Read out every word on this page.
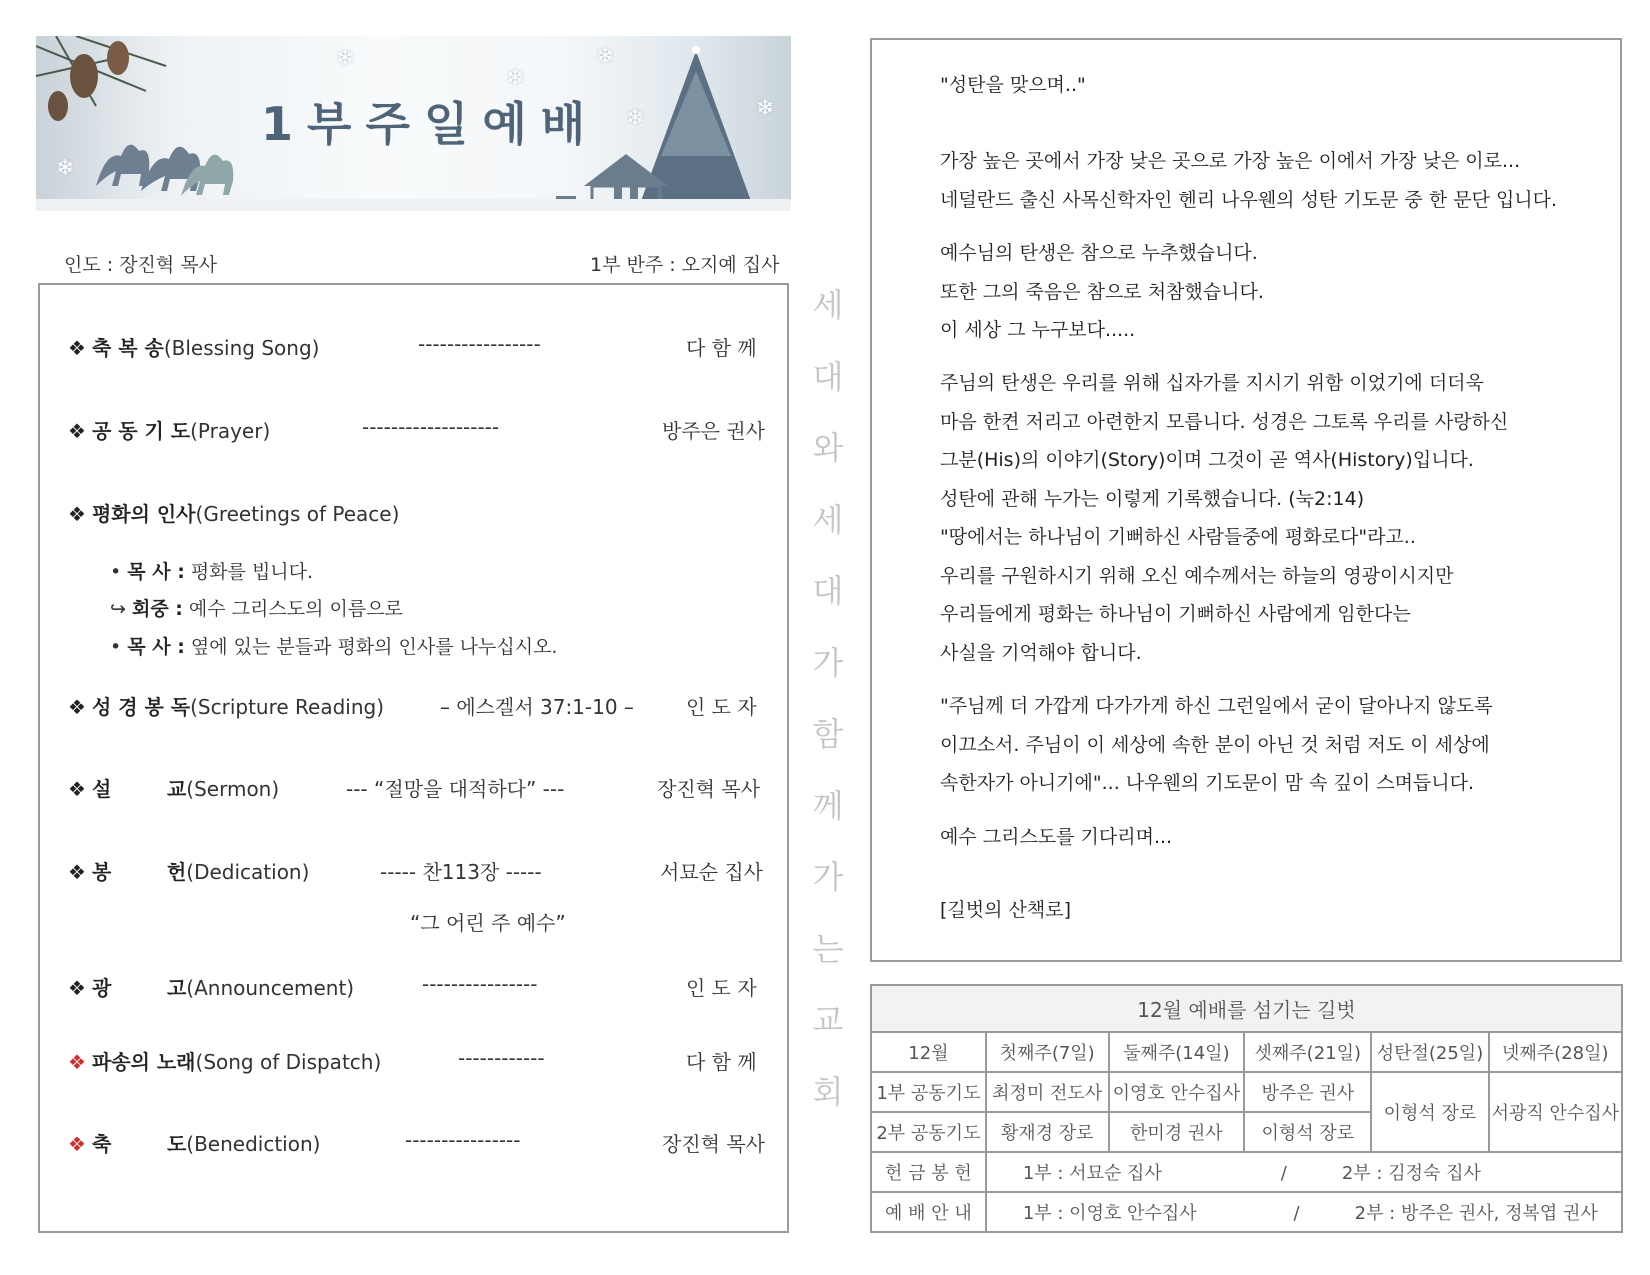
❄
❄
❄
❄
❄
❄
1부주일예배
인도 : 장진혁 목사	1부 반주 : 오지예 집사
❖ 축 복 송(Blessing Song)	-----------------	다 함 께
❖ 공 동 기 도(Prayer)	-------------------	방주은 권사
❖ 평화의 인사(Greetings of Peace)
• 목 사 : 평화를 빕니다.
↪ 회중 : 예수 그리스도의 이름으로
• 목 사 : 옆에 있는 분들과 평화의 인사를 나누십시오.
❖ 성 경 봉 독(Scripture Reading)	– 에스겔서 37:1-10 –	인 도 자
❖ 설        교(Sermon)	--- “절망을 대적하다” ---	장진혁 목사
❖ 봉        헌(Dedication)	----- 찬113장 -----	서묘순 집사
“그 어린 주 예수”
❖ 광        고(Announcement)	----------------	인 도 자
❖ 파송의 노래(Song of Dispatch)	------------	다 함 께
❖ 축        도(Benediction)	----------------	장진혁 목사
세
대
와
세
대
가
함
께
가
는
교
회
"성탄을 맞으며.."
가장 높은 곳에서 가장 낮은 곳으로 가장 높은 이에서 가장 낮은 이로...
네덜란드 출신 사목신학자인 헨리 나우웬의 성탄 기도문 중 한 문단 입니다.
예수님의 탄생은 참으로 누추했습니다.
또한 그의 죽음은 참으로 처참했습니다.
이 세상 그 누구보다.....
주님의 탄생은 우리를 위해 십자가를 지시기 위함 이었기에 더더욱
마음 한켠 저리고 아련한지 모릅니다. 성경은 그토록 우리를 사랑하신
그분(His)의 이야기(Story)이며 그것이 곧 역사(History)입니다.
성탄에 관해 누가는 이렇게 기록했습니다. (눅2:14)
"땅에서는 하나님이 기뻐하신 사람들중에 평화로다"라고..
우리를 구원하시기 위해 오신 예수께서는 하늘의 영광이시지만
우리들에게 평화는 하나님이 기뻐하신 사람에게 임한다는
사실을 기억해야 합니다.
"주님께 더 가깝게 다가가게 하신 그런일에서 굳이 달아나지 않도록
이끄소서. 주님이 이 세상에 속한 분이 아닌 것 처럼 저도 이 세상에
속한자가 아니기에"... 나우웬의 기도문이 맘 속 깊이 스며듭니다.
예수 그리스도를 기다리며...
[길벗의 산책로]
12월 예배를 섬기는 길벗					
12월	첫째주(7일)	둘째주(14일)	셋째주(21일)	성탄절(25일)	넷째주(28일)
1부 공동기도	최정미 전도사	이영호 안수집사	방주은 권사	이형석 장로	서광직 안수집사
2부 공동기도	황재경 장로	한미경 권사	이형석 장로		
헌 금 봉 헌	1부 : 서묘순 집사 / 2부 : 김정숙 집사				
예 배 안 내	1부 : 이영호 안수집사 / 2부 : 방주은 권사, 정복엽 권사				
